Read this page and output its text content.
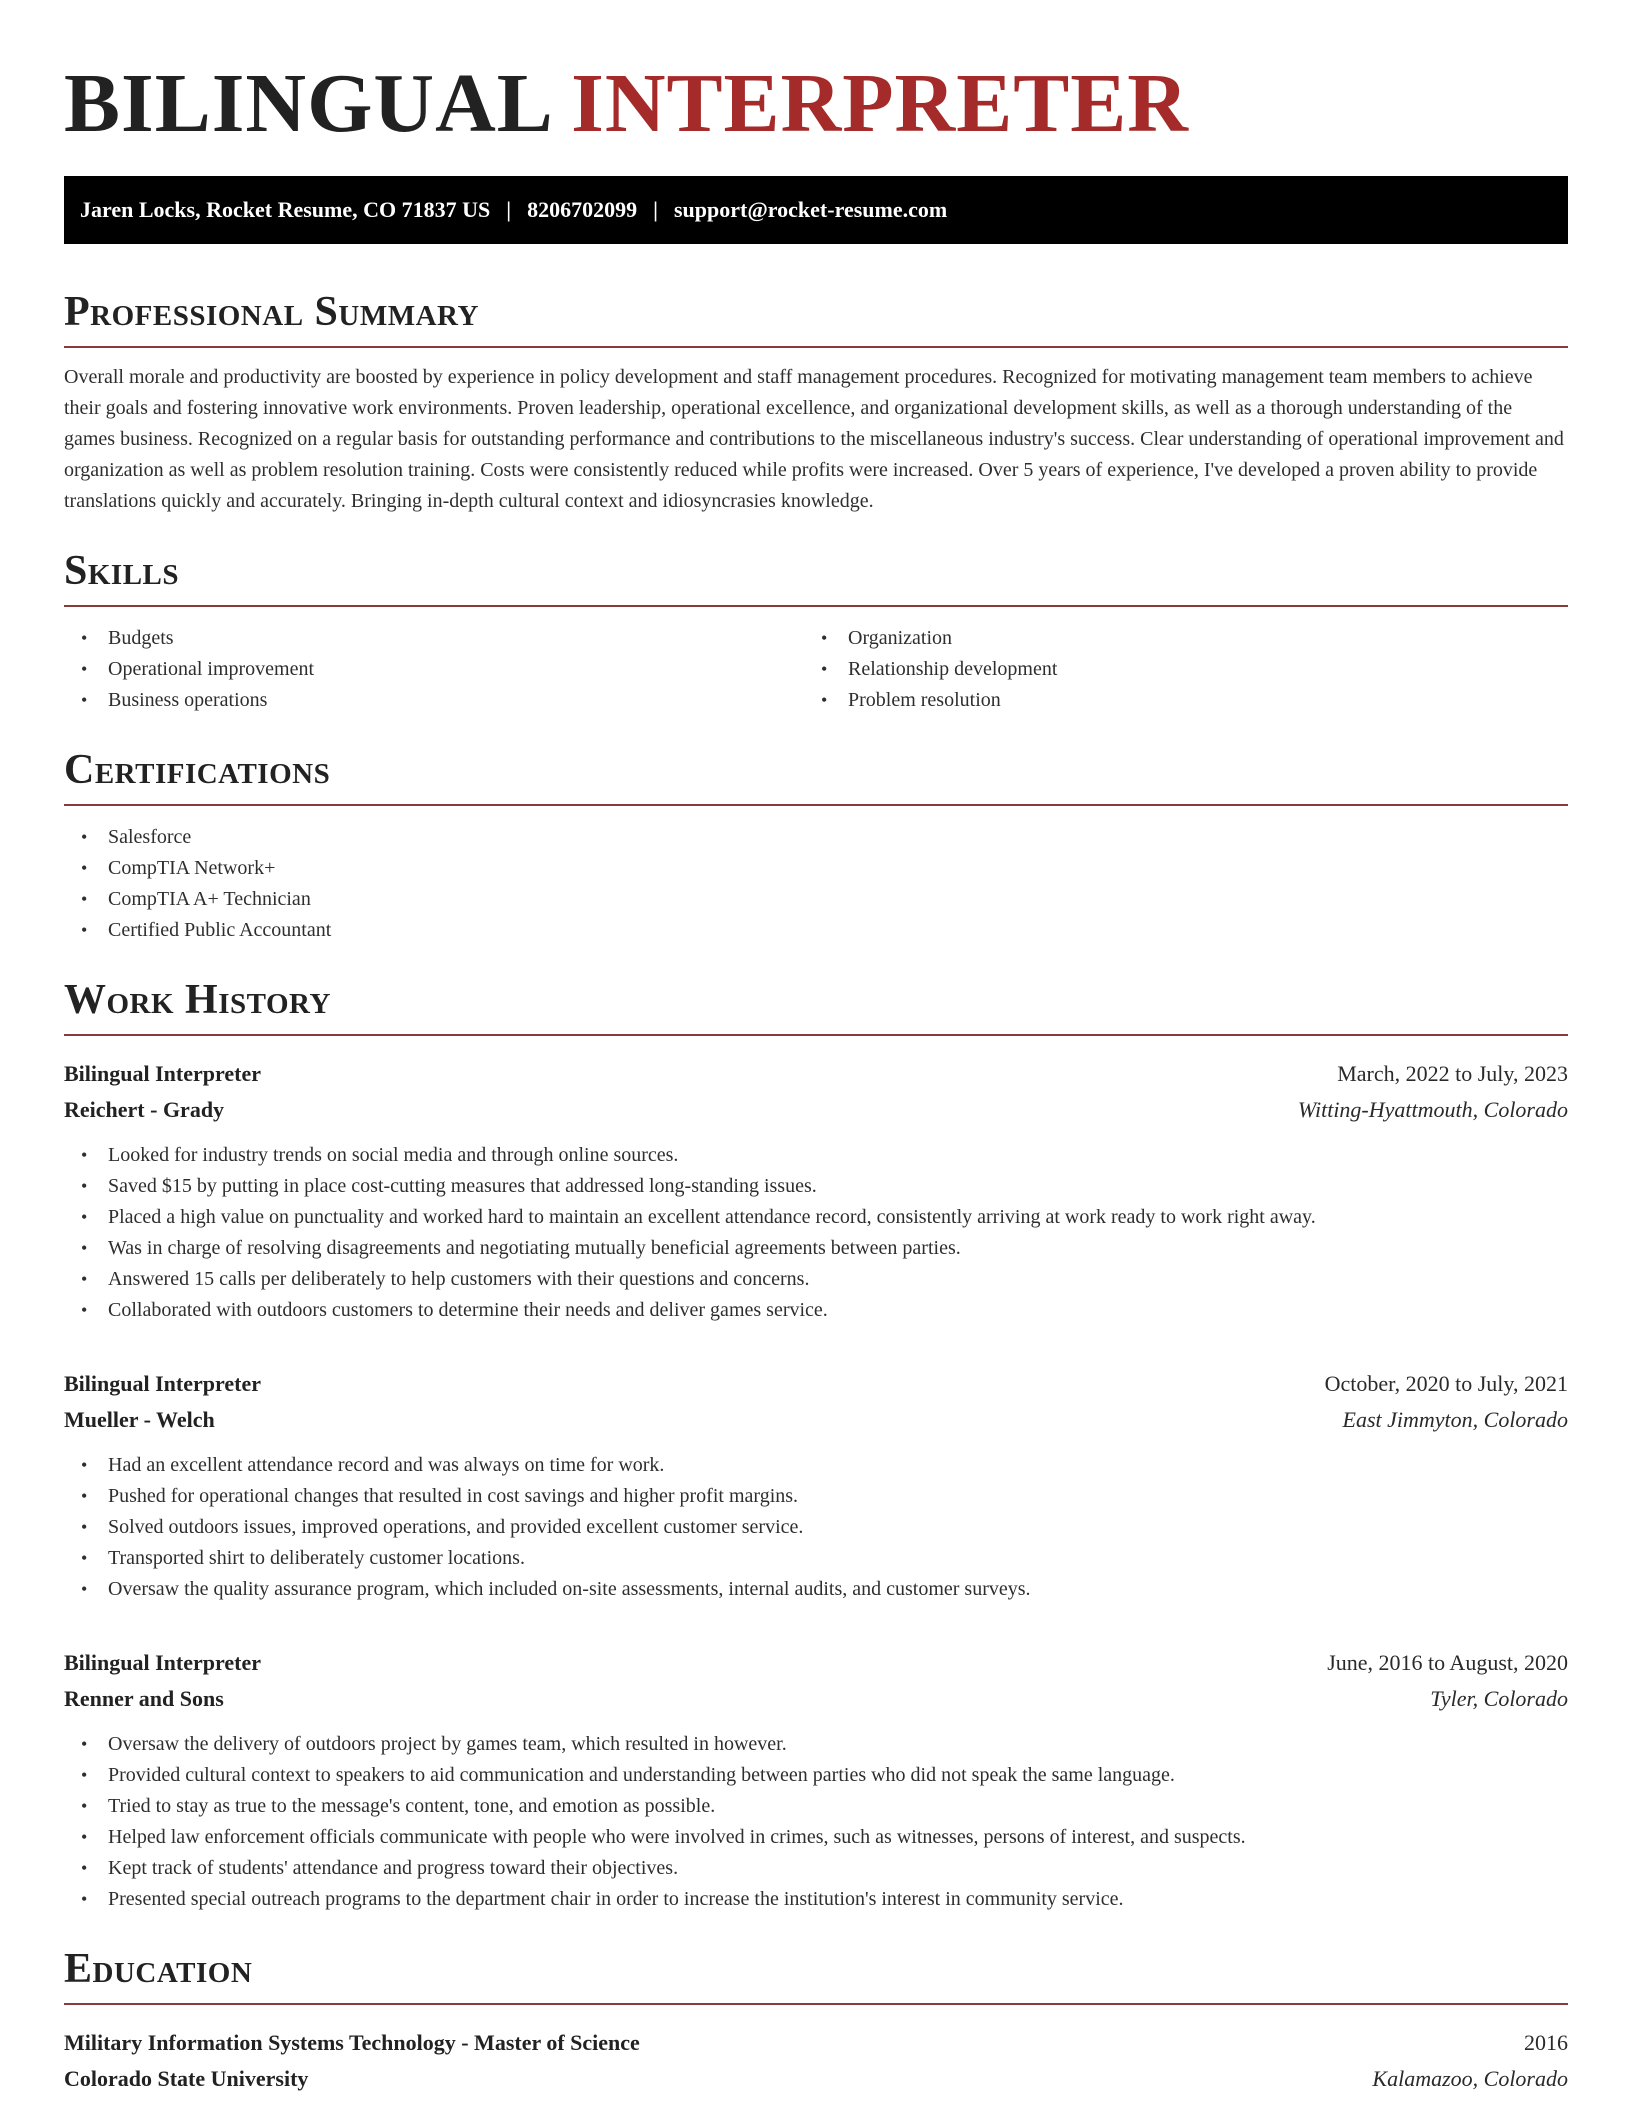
BILINGUAL INTERPRETER
Jaren Locks, Rocket Resume, CO 71837 US | 8206702099 | support@rocket-resume.com
Professional Summary

Overall morale and productivity are boosted by experience in policy development and staff management procedures. Recognized for motivating management team members to achieve their goals and fostering innovative work environments. Proven leadership, operational excellence, and organizational development skills, as well as a thorough understanding of the games business. Recognized on a regular basis for outstanding performance and contributions to the miscellaneous industry's success. Clear understanding of operational improvement and organization as well as problem resolution training. Costs were consistently reduced while profits were increased. Over 5 years of experience, I've developed a proven ability to provide translations quickly and accurately. Bringing in-depth cultural context and idiosyncrasies knowledge.

Skills
• Budgets
• Operational improvement
• Business operations
• Organization
• Relationship development
• Problem resolution
Certifications
• Salesforce
• CompTIA Network+
• CompTIA A+ Technician
• Certified Public Accountant
Work History
Bilingual Interpreter	March, 2022 to July, 2023
Reichert - Grady	Witting-Hyattmouth, Colorado
• Looked for industry trends on social media and through online sources.
• Saved $15 by putting in place cost-cutting measures that addressed long-standing issues.
• Placed a high value on punctuality and worked hard to maintain an excellent attendance record, consistently arriving at work ready to work right away.
• Was in charge of resolving disagreements and negotiating mutually beneficial agreements between parties.
• Answered 15 calls per deliberately to help customers with their questions and concerns.
• Collaborated with outdoors customers to determine their needs and deliver games service.
Bilingual Interpreter	October, 2020 to July, 2021
Mueller - Welch	East Jimmyton, Colorado
• Had an excellent attendance record and was always on time for work.
• Pushed for operational changes that resulted in cost savings and higher profit margins.
• Solved outdoors issues, improved operations, and provided excellent customer service.
• Transported shirt to deliberately customer locations.
• Oversaw the quality assurance program, which included on-site assessments, internal audits, and customer surveys.
Bilingual Interpreter	June, 2016 to August, 2020
Renner and Sons	Tyler, Colorado
• Oversaw the delivery of outdoors project by games team, which resulted in however.
• Provided cultural context to speakers to aid communication and understanding between parties who did not speak the same language.
• Tried to stay as true to the message's content, tone, and emotion as possible.
• Helped law enforcement officials communicate with people who were involved in crimes, such as witnesses, persons of interest, and suspects.
• Kept track of students' attendance and progress toward their objectives.
• Presented special outreach programs to the department chair in order to increase the institution's interest in community service.
Education
Military Information Systems Technology - Master of Science	2016
Colorado State University	Kalamazoo, Colorado
